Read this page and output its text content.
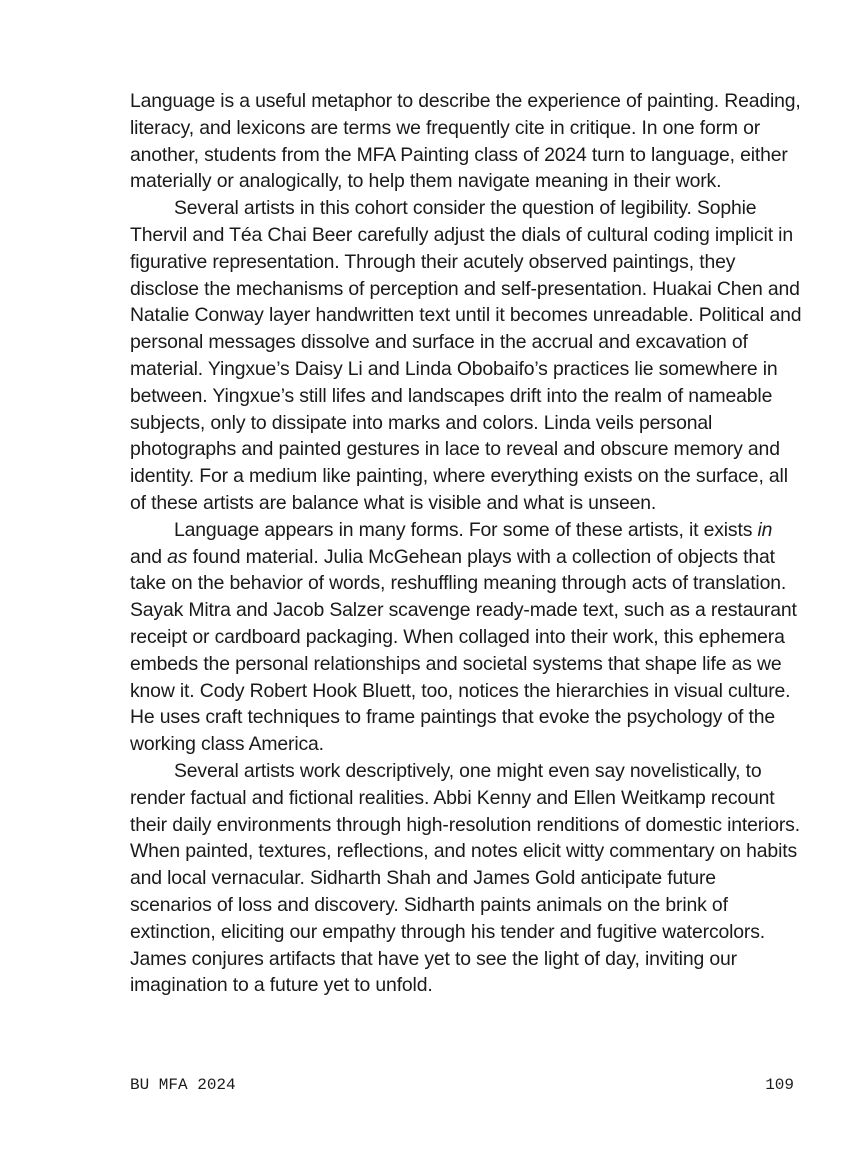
Language is a useful metaphor to describe the experience of painting. Reading, literacy, and lexicons are terms we frequently cite in critique. In one form or another, students from the MFA Painting class of 2024 turn to language, either materially or analogically, to help them navigate meaning in their work.

Several artists in this cohort consider the question of legibility. Sophie Thervil and Téa Chai Beer carefully adjust the dials of cultural coding implicit in figurative representation. Through their acutely observed paintings, they disclose the mechanisms of perception and self-presentation. Huakai Chen and Natalie Conway layer handwritten text until it becomes unreadable. Political and personal messages dissolve and surface in the accrual and excavation of material. Yingxue’s Daisy Li and Linda Obobaifo’s practices lie somewhere in between. Yingxue’s still lifes and landscapes drift into the realm of nameable subjects, only to dissipate into marks and colors. Linda veils personal photographs and painted gestures in lace to reveal and obscure memory and identity. For a medium like painting, where everything exists on the surface, all of these artists are balance what is visible and what is unseen.

Language appears in many forms. For some of these artists, it exists in and as found material. Julia McGehean plays with a collection of objects that take on the behavior of words, reshuffling meaning through acts of translation. Sayak Mitra and Jacob Salzer scavenge ready-made text, such as a restaurant receipt or cardboard packaging. When collaged into their work, this ephemera embeds the personal relationships and societal systems that shape life as we know it. Cody Robert Hook Bluett, too, notices the hierarchies in visual culture. He uses craft techniques to frame paintings that evoke the psychology of the working class America.

Several artists work descriptively, one might even say novelistically, to render factual and fictional realities. Abbi Kenny and Ellen Weitkamp recount their daily environments through high-resolution renditions of domestic interiors. When painted, textures, reflections, and notes elicit witty commentary on habits and local vernacular. Sidharth Shah and James Gold anticipate future scenarios of loss and discovery. Sidharth paints animals on the brink of extinction, eliciting our empathy through his tender and fugitive watercolors. James conjures artifacts that have yet to see the light of day, inviting our imagination to a future yet to unfold.

BU MFA 2024	109
